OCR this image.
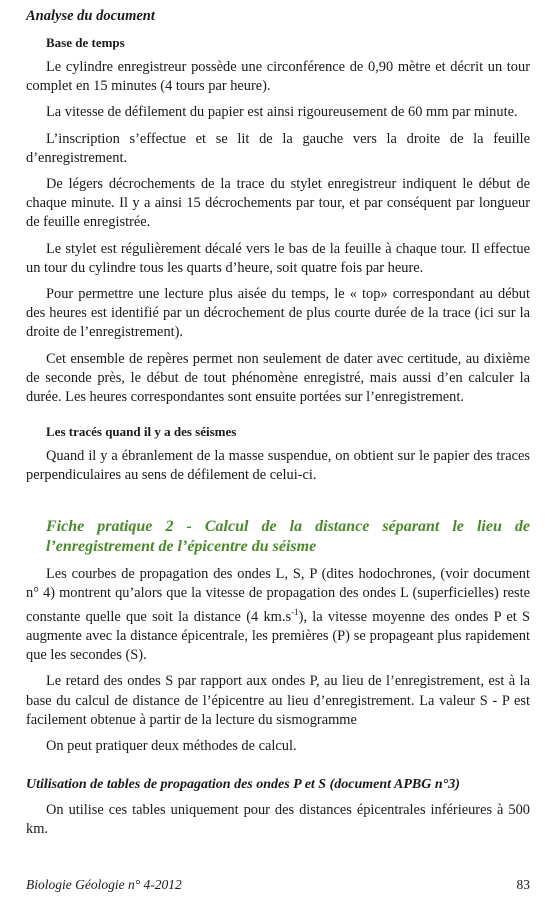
Analyse du document
Base de temps

Le cylindre enregistreur possède une circonférence de 0,90 mètre et décrit un tour complet en 15 minutes (4 tours par heure).

La vitesse de défilement du papier est ainsi rigoureusement de 60 mm par minute.

L’inscription s’effectue et se lit de la gauche vers la droite de la feuille d’enregistrement.

De légers décrochements de la trace du stylet enregistreur indiquent le début de chaque minute. Il y a ainsi 15 décrochements par tour, et par conséquent par longueur de feuille enregistrée.

Le stylet est régulièrement décalé vers le bas de la feuille à chaque tour. Il effectue un tour du cylindre tous les quarts d’heure, soit quatre fois par heure.

Pour permettre une lecture plus aisée du temps, le « top» correspondant au début des heures est identifié par un décrochement de plus courte durée de la trace (ici sur la droite de l’enregistrement).

Cet ensemble de repères permet non seulement de dater avec certitude, au dixième de seconde près, le début de tout phénomène enregistré, mais aussi d’en calculer la durée. Les heures correspondantes sont ensuite portées sur l’enregistrement.

Les tracés quand il y a des séismes

Quand il y a ébranlement de la masse suspendue, on obtient sur le papier des traces perpendiculaires au sens de défilement de celui-ci.

Fiche pratique 2 - Calcul de la distance séparant le lieu de l’enregistrement de l’épicentre du séisme

Les courbes de propagation des ondes L, S, P (dites hodochrones, (voir document n° 4) montrent qu’alors que la vitesse de propagation des ondes L (superficielles) reste constante quelle que soit la distance (4 $km.s^{-1}$), la vitesse moyenne des ondes P et S augmente avec la distance épicentrale, les premières (P) se propageant plus rapidement que les secondes (S).

Le retard des ondes S par rapport aux ondes P, au lieu de l’enregistrement, est à la base du calcul de distance de l’épicentre au lieu d’enregistrement. La valeur S - P est facilement obtenue à partir de la lecture du sismogramme

On peut pratiquer deux méthodes de calcul.

Utilisation de tables de propagation des ondes P et S (document APBG n°3)

On utilise ces tables uniquement pour des distances épicentrales inférieures à 500 km.

Biologie Géologie n° 4-2012	83
